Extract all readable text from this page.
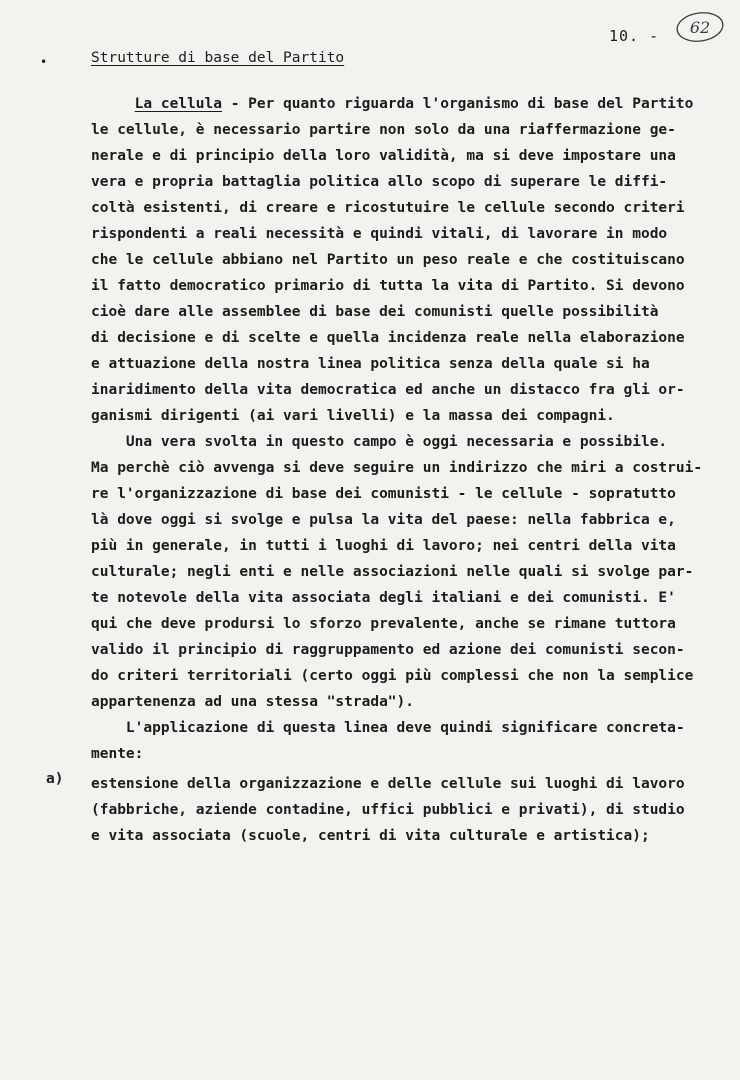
•
10. - 62
Strutture di base del Partito
La cellula - Per quanto riguarda l'organismo di base del Partito
le cellule, è necessario partire non solo da una riaffermazione ge-
nerale e di principio della loro validità, ma si deve impostare una
vera e propria battaglia politica allo scopo di superare le diffi-
coltà esistenti, di creare e ricostutuire le cellule secondo criteri
rispondenti a reali necessità e quindi vitali, di lavorare in modo
che le cellule abbiano nel Partito un peso reale e che costituiscano
il fatto democratico primario di tutta la vita di Partito. Si devono
cioè dare alle assemblee di base dei comunisti quelle possibilità
di decisione e di scelte e quella incidenza reale nella elaborazione
e attuazione della nostra linea politica senza della quale si ha
inaridimento della vita democratica ed anche un distacco fra gli or-
ganismi dirigenti (ai vari livelli) e la massa dei compagni.
Una vera svolta in questo campo è oggi necessaria e possibile.
Ma perchè ciò avvenga si deve seguire un indirizzo che miri a costrui-
re l'organizzazione di base dei comunisti - le cellule - sopratutto
là dove oggi si svolge e pulsa la vita del paese: nella fabbrica e,
più in generale, in tutti i luoghi di lavoro; nei centri della vita
culturale; negli enti e nelle associazioni nelle quali si svolge par-
te notevole della vita associata degli italiani e dei comunisti. E'
qui che deve prodursi lo sforzo prevalente, anche se rimane tuttora
valido il principio di raggruppamento ed azione dei comunisti secon-
do criteri territoriali (certo oggi più complessi che non la semplice
appartenenza ad una stessa "strada").
L'applicazione di questa linea deve quindi significare concreta-
mente:
a) estensione della organizzazione e delle cellule sui luoghi di lavoro
(fabbriche, aziende contadine, uffici pubblici e privati), di studio
e vita associata (scuole, centri di vita culturale e artistica);
